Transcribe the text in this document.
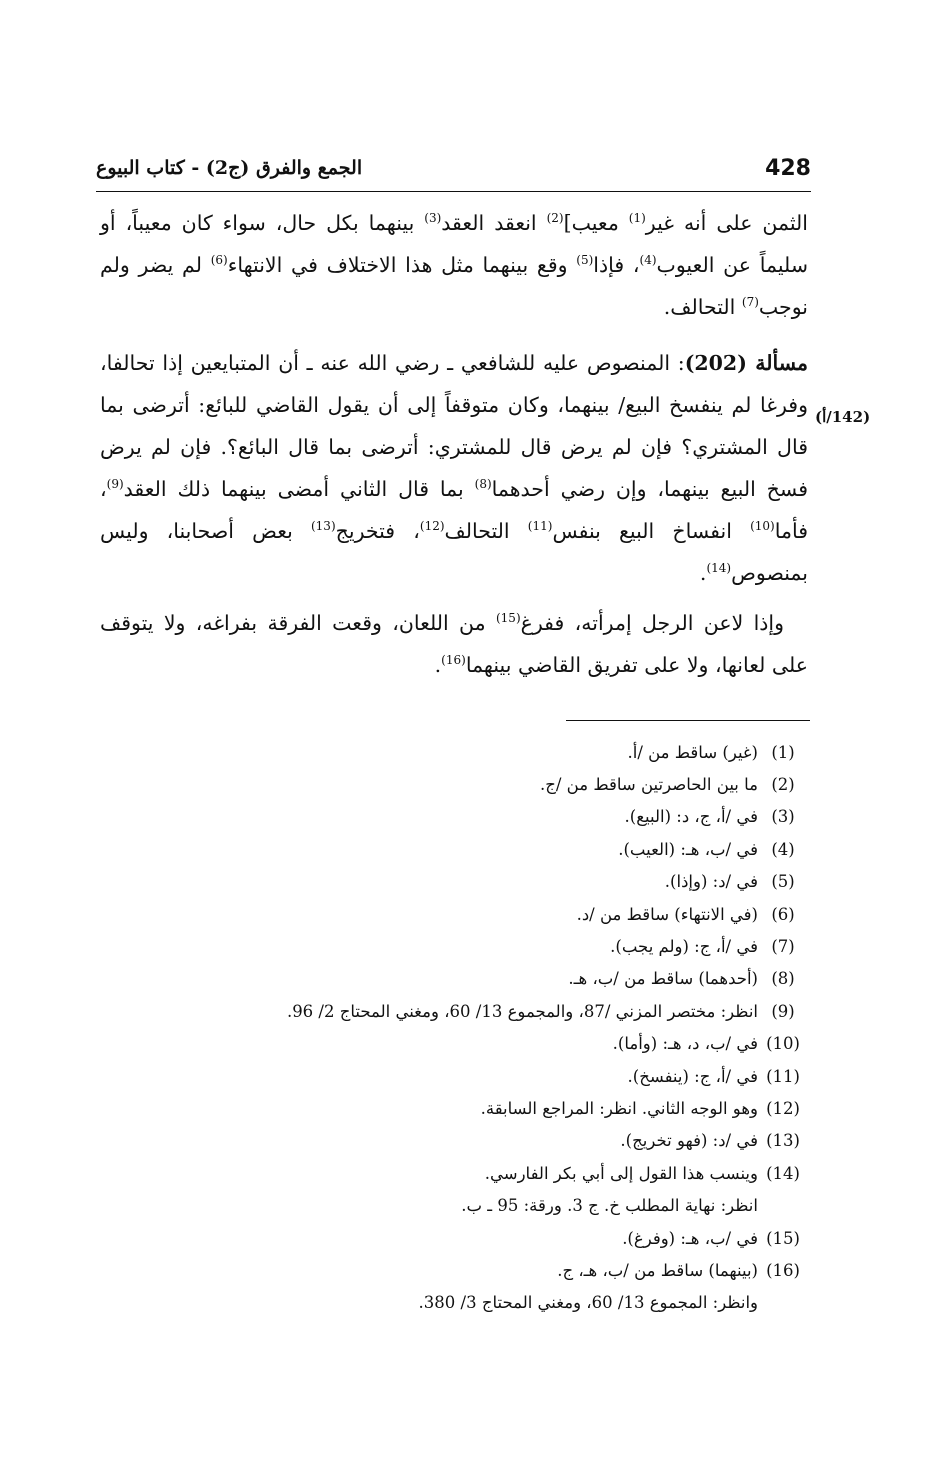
428
الجمع والفرق (ج2) - كتاب البيوع
(142/أ)

الثمن على أنه غير$^{(1)}$ معيب]$^{(2)}$ انعقد العقد$^{(3)}$ بينهما بكل حال، سواء كان معيباً، أو سليماً عن العيوب$^{(4)}$، فإذا$^{(5)}$ وقع بينهما مثل هذا الاختلاف في الانتهاء$^{(6)}$ لم يضر ولم نوجب$^{(7)}$ التحالف.

مسألة (202): المنصوص عليه للشافعي ـ رضي الله عنه ـ أن المتبايعين إذا تحالفا، وفرغا لم ينفسخ البيع/ بينهما، وكان متوقفاً إلى أن يقول القاضي للبائع: أترضى بما قال المشتري؟ فإن لم يرض قال للمشتري: أترضى بما قال البائع؟. فإن لم يرض فسخ البيع بينهما، وإن رضي أحدهما$^{(8)}$ بما قال الثاني أمضى بينهما ذلك العقد$^{(9)}$، فأما$^{(10)}$ انفساخ البيع بنفس$^{(11)}$ التحالف$^{(12)}$، فتخريج$^{(13)}$ بعض أصحابنا، وليس بمنصوص$^{(14)}$.

وإذا لاعن الرجل إمرأته، ففرغ$^{(15)}$ من اللعان، وقعت الفرقة بفراغه، ولا يتوقف على لعانها، ولا على تفريق القاضي بينهما$^{(16)}$.

(1)
(غير) ساقط من /أ.
(2)
ما بين الحاصرتين ساقط من /ج.
(3)
في /أ، ج، د: (البيع).
(4)
في /ب، هـ: (العيب).
(5)
في /د: (وإذا).
(6)
(في الانتهاء) ساقط من /د.
(7)
في /أ، ج: (ولم يجب).
(8)
(أحدهما) ساقط من /ب، هـ.
(9)
انظر: مختصر المزني /87، والمجموع 13/ 60، ومغني المحتاج 2/ 96.
(10)
في /ب، د، هـ: (وأما).
(11)
في /أ، ج: (ينفسخ).
(12)
وهو الوجه الثاني. انظر: المراجع السابقة.
(13)
في /د: (فهو تخريج).
(14)
وينسب هذا القول إلى أبي بكر الفارسي.
انظر: نهاية المطلب خ. ج 3. ورقة: 95 ـ ب.
(15)
في /ب، هـ: (وفرغ).
(16)
(بينهما) ساقط من /ب، هـ، ج.
وانظر: المجموع 13/ 60، ومغني المحتاج 3/ 380.
